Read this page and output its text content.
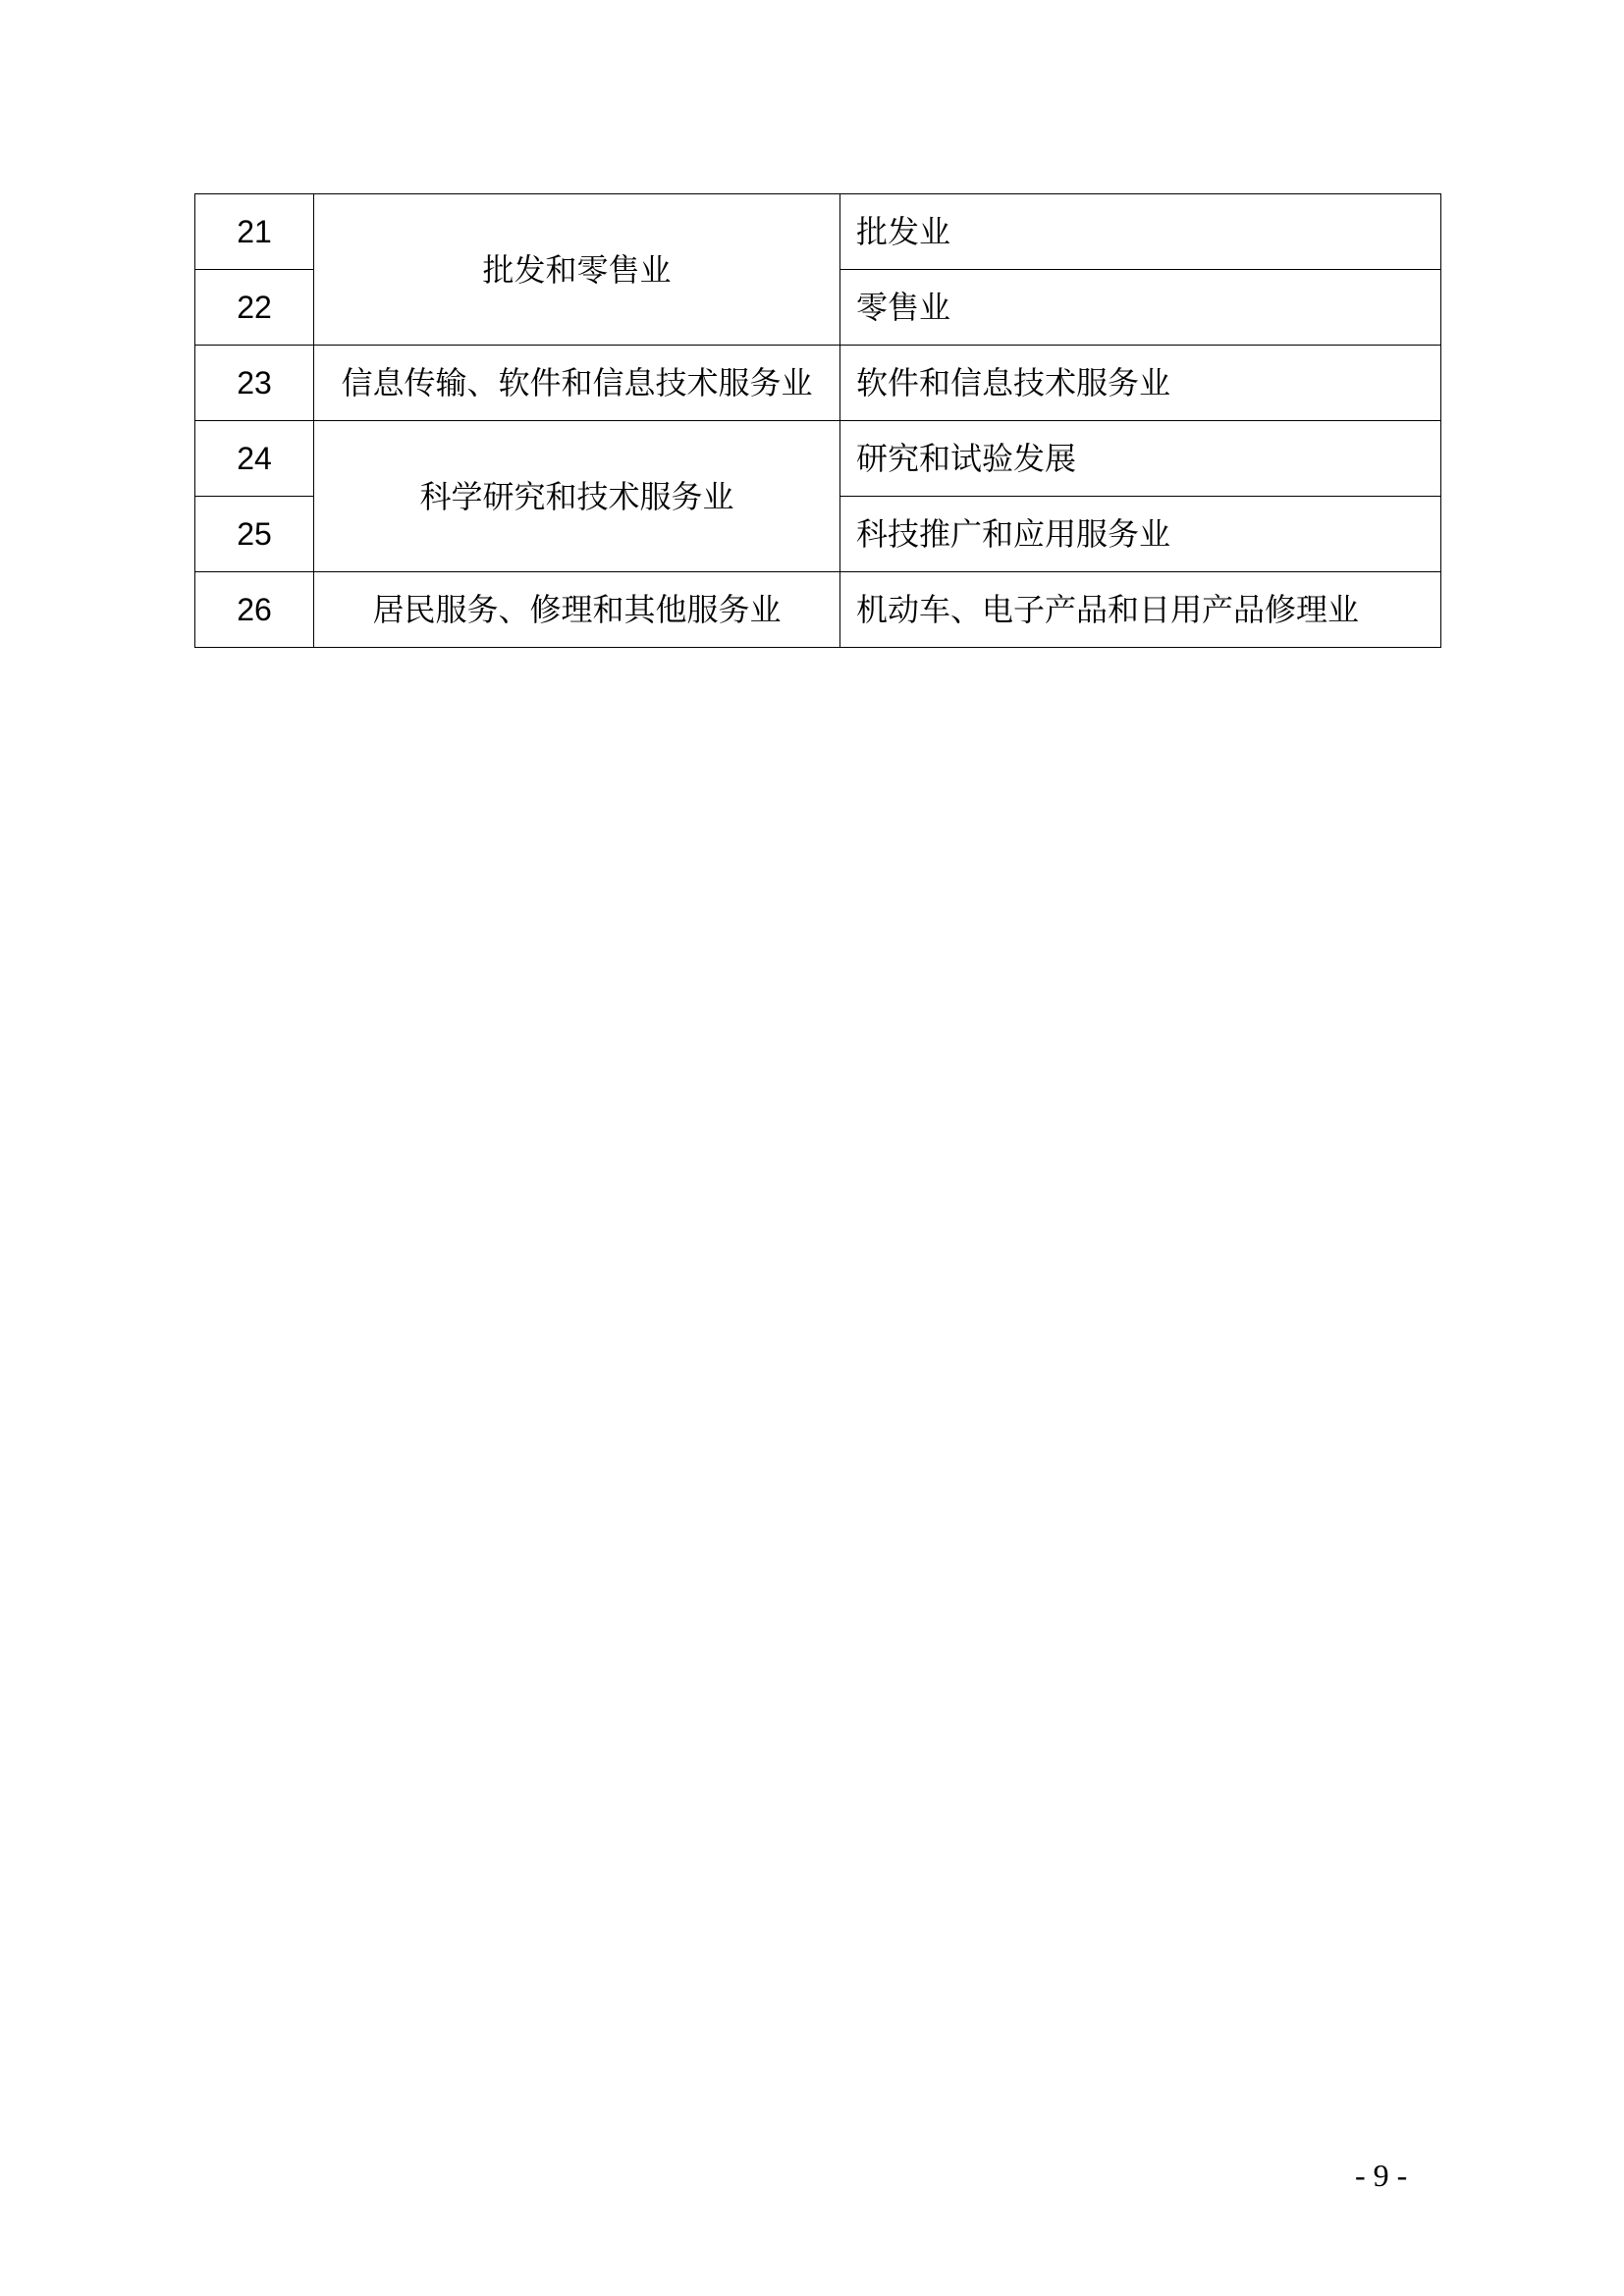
21	批发和零售业	批发业
22		零售业
23	信息传输、软件和信息技术服务业	软件和信息技术服务业
24	科学研究和技术服务业	研究和试验发展
25		科技推广和应用服务业
26	居民服务、修理和其他服务业	机动车、电子产品和日用产品修理业
- 9 -
